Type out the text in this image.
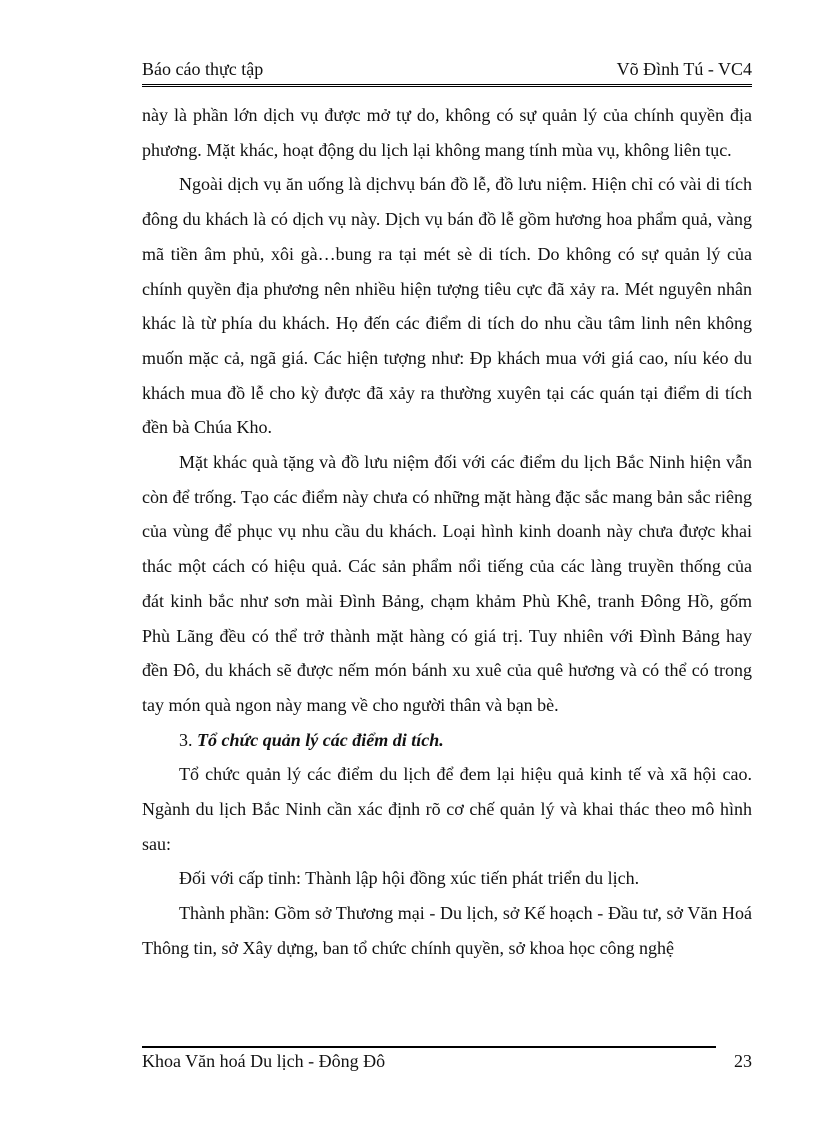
Báo cáo thực tập	Võ Đình Tú - VC4

này là phần lớn dịch vụ được mở tự do, không có sự quản lý của chính quyền địa phương. Mặt khác, hoạt động du lịch lại không mang tính mùa vụ, không liên tục.

Ngoài dịch vụ ăn uống là dịchvụ bán đồ lễ, đồ lưu niệm. Hiện chỉ có vài di tích đông du khách là có dịch vụ này. Dịch vụ bán đồ lễ gồm hương hoa phẩm quả, vàng mã tiền âm phủ, xôi gà…bung ra tại mét sè di tích. Do không có sự quản lý của chính quyền địa phương nên nhiều hiện tượng tiêu cực đã xảy ra. Mét nguyên nhân khác là từ phía du khách. Họ đến các điểm di tích do nhu cầu tâm linh nên không muốn mặc cả, ngã giá. Các hiện tượng như: Ðp khách mua với giá cao, níu kéo du khách mua đồ lễ cho kỳ được đã xảy ra thường xuyên tại các quán tại điểm di tích đền bà Chúa Kho.

Mặt khác quà tặng và đồ lưu niệm đối với các điểm du lịch Bắc Ninh hiện vẫn còn để trống. Tạo các điểm này chưa có những mặt hàng đặc sắc mang bản sắc riêng của vùng để phục vụ nhu cầu du khách. Loại hình kinh doanh này chưa được khai thác một cách có hiệu quả. Các sản phẩm nổi tiếng của các làng truyền thống của đát kinh bắc như sơn mài Đình Bảng, chạm khảm Phù Khê, tranh Đông Hồ, gốm Phù Lãng đều có thể trở thành mặt hàng có giá trị. Tuy nhiên với Đình Bảng hay đền Đô, du khách sẽ được nếm món bánh xu xuê của quê hương và có thể có trong tay món quà ngon này mang về cho người thân và bạn bè.

3. Tổ chức quản lý các điểm di tích.

Tổ chức quản lý các điểm du lịch để đem lại hiệu quả kinh tế và xã hội cao. Ngành du lịch Bắc Ninh cần xác định rõ cơ chế quản lý và khai thác theo mô hình sau:

Đối với cấp tỉnh: Thành lập hội đồng xúc tiến phát triển du lịch.

Thành phần: Gồm sở Thương mại - Du lịch, sở Kế hoạch - Đầu tư, sở Văn Hoá Thông tin, sở Xây dựng, ban tổ chức chính quyền, sở khoa học công nghệ

Khoa Văn hoá Du lịch - Đông Đô	23
